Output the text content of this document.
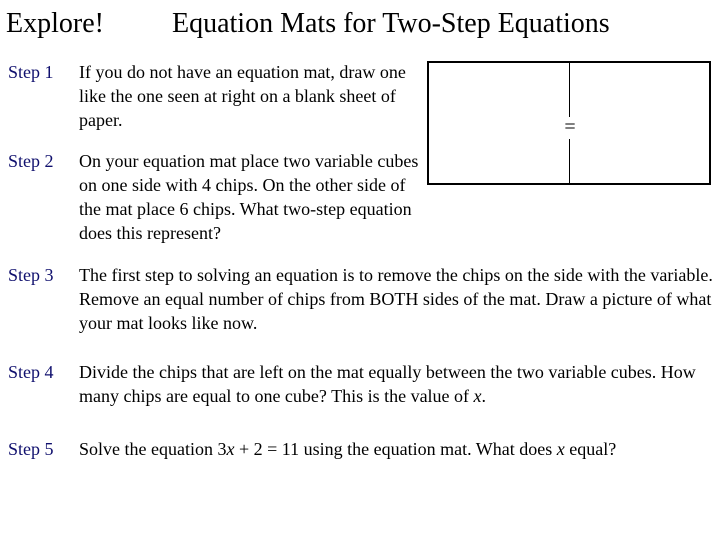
Explore! Equation Mats for Two-Step Equations
Step 1 If you do not have an equation mat, draw one like the one seen at right on a blank sheet of paper.	=
Step 2 On your equation mat place two variable cubes on one side with 4 chips. On the other side of the mat place 6 chips. What two-step equation does this represent?
Step 3 The first step to solving an equation is to remove the chips on the side with the variable. Remove an equal number of chips from BOTH sides of the mat. Draw a picture of what your mat looks like now.
Step 4 Divide the chips that are left on the mat equally between the two variable cubes. How many chips are equal to one cube? This is the value of x.
Step 5 Solve the equation 3x + 2 = 11 using the equation mat. What does x equal?
